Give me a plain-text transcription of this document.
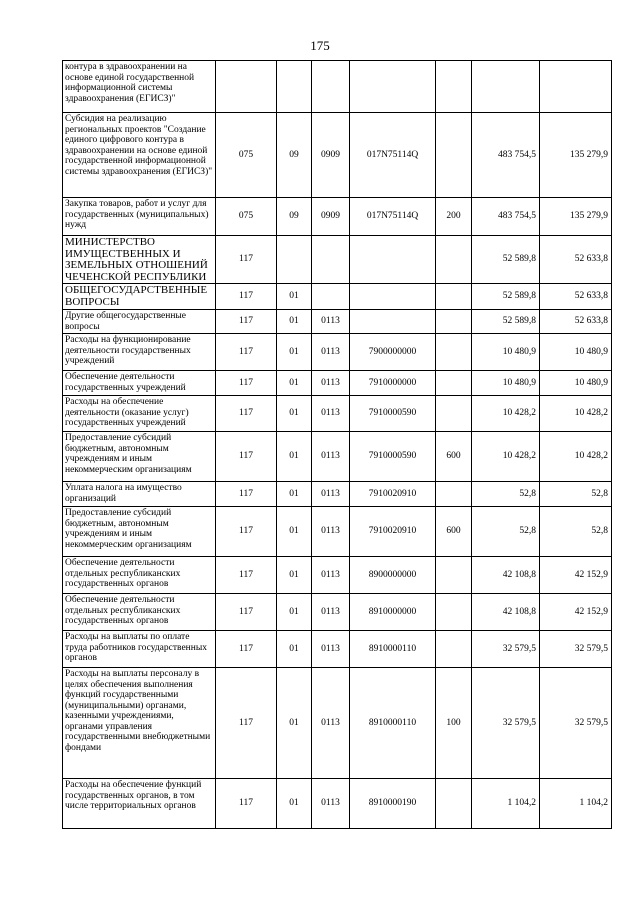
175
контура в здравоохранении на основе единой государственной информационной системы здравоохранения (ЕГИСЗ)"							
Субсидия на реализацию региональных проектов "Создание единого цифрового контура в здравоохранении на основе единой государственной информационной системы здравоохранения (ЕГИСЗ)"	075	09	0909	017N75114Q		483 754,5	135 279,9
Закупка товаров, работ и услуг для государственных (муниципальных) нужд	075	09	0909	017N75114Q	200	483 754,5	135 279,9
МИНИСТЕРСТВО ИМУЩЕСТВЕННЫХ И ЗЕМЕЛЬНЫХ ОТНОШЕНИЙ ЧЕЧЕНСКОЙ РЕСПУБЛИКИ	117					52 589,8	52 633,8
ОБЩЕГОСУДАРСТВЕННЫЕ ВОПРОСЫ	117	01				52 589,8	52 633,8
Другие общегосударственные вопросы	117	01	0113			52 589,8	52 633,8
Расходы на функционирование деятельности государственных учреждений	117	01	0113	7900000000		10 480,9	10 480,9
Обеспечение деятельности государственных учреждений	117	01	0113	7910000000		10 480,9	10 480,9
Расходы на обеспечение деятельности (оказание услуг) государственных учреждений	117	01	0113	7910000590		10 428,2	10 428,2
Предоставление субсидий бюджетным, автономным учреждениям и иным некоммерческим организациям	117	01	0113	7910000590	600	10 428,2	10 428,2
Уплата налога на имущество организаций	117	01	0113	7910020910		52,8	52,8
Предоставление субсидий бюджетным, автономным учреждениям и иным некоммерческим организациям	117	01	0113	7910020910	600	52,8	52,8
Обеспечение деятельности отдельных республиканских государственных органов	117	01	0113	8900000000		42 108,8	42 152,9
Обеспечение деятельности отдельных республиканских государственных органов	117	01	0113	8910000000		42 108,8	42 152,9
Расходы на выплаты по оплате труда работников государственных органов	117	01	0113	8910000110		32 579,5	32 579,5
Расходы на выплаты персоналу в целях обеспечения выполнения функций государственными (муниципальными) органами, казенными учреждениями, органами управления государственными внебюджетными фондами	117	01	0113	8910000110	100	32 579,5	32 579,5
Расходы на обеспечение функций государственных органов, в том числе территориальных органов	117	01	0113	8910000190		1 104,2	1 104,2
